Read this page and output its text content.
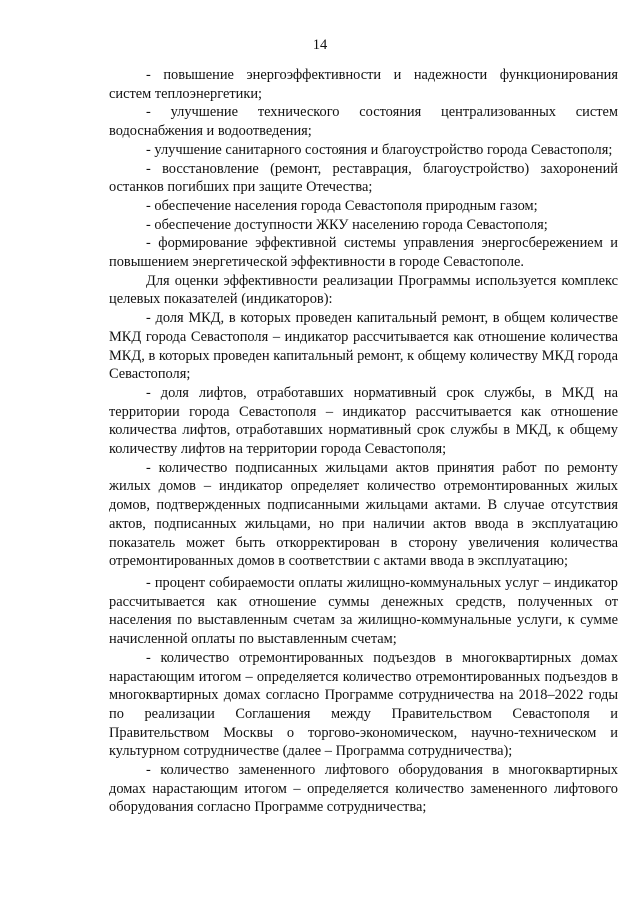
14

- повышение энергоэффективности и надежности функционирования систем теплоэнергетики;

- улучшение технического состояния централизованных систем водоснабжения и водоотведения;

- улучшение санитарного состояния и благоустройство города Севастополя;

- восстановление (ремонт, реставрация, благоустройство) захоронений останков погибших при защите Отечества;

- обеспечение населения города Севастополя природным газом;

- обеспечение доступности ЖКУ населению города Севастополя;

- формирование эффективной системы управления энергосбережением и повышением энергетической эффективности в городе Севастополе.

Для оценки эффективности реализации Программы используется комплекс целевых показателей (индикаторов):

- доля МКД, в которых проведен капитальный ремонт, в общем количестве МКД города Севастополя – индикатор рассчитывается как отношение количества МКД, в которых проведен капитальный ремонт, к общему количеству МКД города Севастополя;

- доля лифтов, отработавших нормативный срок службы, в МКД на территории города Севастополя – индикатор рассчитывается как отношение количества лифтов, отработавших нормативный срок службы в МКД, к общему количеству лифтов на территории города Севастополя;

- количество подписанных жильцами актов принятия работ по ремонту жилых домов – индикатор определяет количество отремонтированных жилых домов, подтвержденных подписанными жильцами актами. В случае отсутствия актов, подписанных жильцами, но при наличии актов ввода в эксплуатацию показатель может быть откорректирован в сторону увеличения количества отремонтированных домов в соответствии с актами ввода в эксплуатацию;

- процент собираемости оплаты жилищно-коммунальных услуг – индикатор рассчитывается как отношение суммы денежных средств, полученных от населения по выставленным счетам за жилищно-коммунальные услуги, к сумме начисленной оплаты по выставленным счетам;

- количество отремонтированных подъездов в многоквартирных домах нарастающим итогом – определяется количество отремонтированных подъездов в многоквартирных домах согласно Программе сотрудничества на 2018–2022 годы по реализации Соглашения между Правительством Севастополя и Правительством Москвы о торгово-экономическом, научно-техническом и культурном сотрудничестве (далее – Программа сотрудничества);

- количество замененного лифтового оборудования в многоквартирных домах нарастающим итогом – определяется количество замененного лифтового оборудования согласно Программе сотрудничества;
